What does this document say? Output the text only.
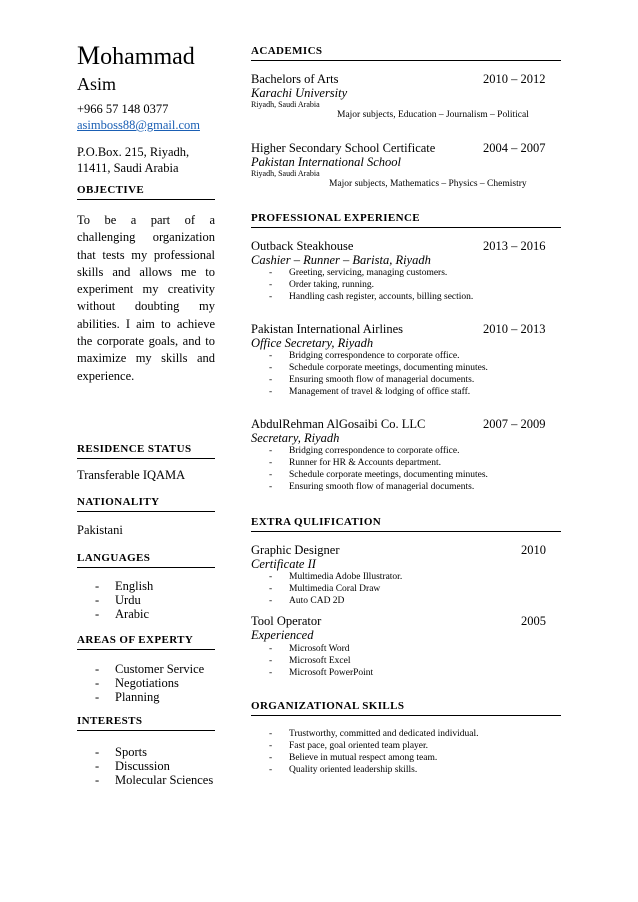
Mohammad
Asim
+966 57 148 0377
asimboss88@gmail.com
P.O.Box. 215, Riyadh,
11411, Saudi Arabia
OBJECTIVE
To be a part of a challenging organization that tests my professional skills and allows me to experiment my creativity without doubting my abilities. I aim to achieve the corporate goals, and to maximize my skills and experience.
RESIDENCE STATUS
Transferable IQAMA
NATIONALITY
Pakistani
LANGUAGES
- English
- Urdu
- Arabic
AREAS OF EXPERTY
- Customer Service
- Negotiations
- Planning
INTERESTS
- Sports
- Discussion
- Molecular Sciences
ACADEMICS
Bachelors of Arts	2010 – 2012
Karachi University
Riyadh, Saudi Arabia
Major subjects, Education – Journalism – Political
Higher Secondary School Certificate	2004 – 2007
Pakistan International School
Riyadh, Saudi Arabia
Major subjects, Mathematics – Physics – Chemistry
PROFESSIONAL EXPERIENCE
Outback Steakhouse	2013 – 2016
Cashier – Runner – Barista, Riyadh
- Greeting, servicing, managing customers.
- Order taking, running.
- Handling cash register, accounts, billing section.
Pakistan International Airlines	2010 – 2013
Office Secretary, Riyadh
- Bridging correspondence to corporate office.
- Schedule corporate meetings, documenting minutes.
- Ensuring smooth flow of managerial documents.
- Management of travel & lodging of office staff.
AbdulRehman AlGosaibi Co. LLC	2007 – 2009
Secretary, Riyadh
- Bridging correspondence to corporate office.
- Runner for HR & Accounts department.
- Schedule corporate meetings, documenting minutes.
- Ensuring smooth flow of managerial documents.
EXTRA QULIFICATION
Graphic Designer	2010
Certificate II
- Multimedia Adobe Illustrator.
- Multimedia Coral Draw
- Auto CAD 2D
Tool Operator	2005
Experienced
- Microsoft Word
- Microsoft Excel
- Microsoft PowerPoint
ORGANIZATIONAL SKILLS
- Trustworthy, committed and dedicated individual.
- Fast pace, goal oriented team player.
- Believe in mutual respect among team.
- Quality oriented leadership skills.
